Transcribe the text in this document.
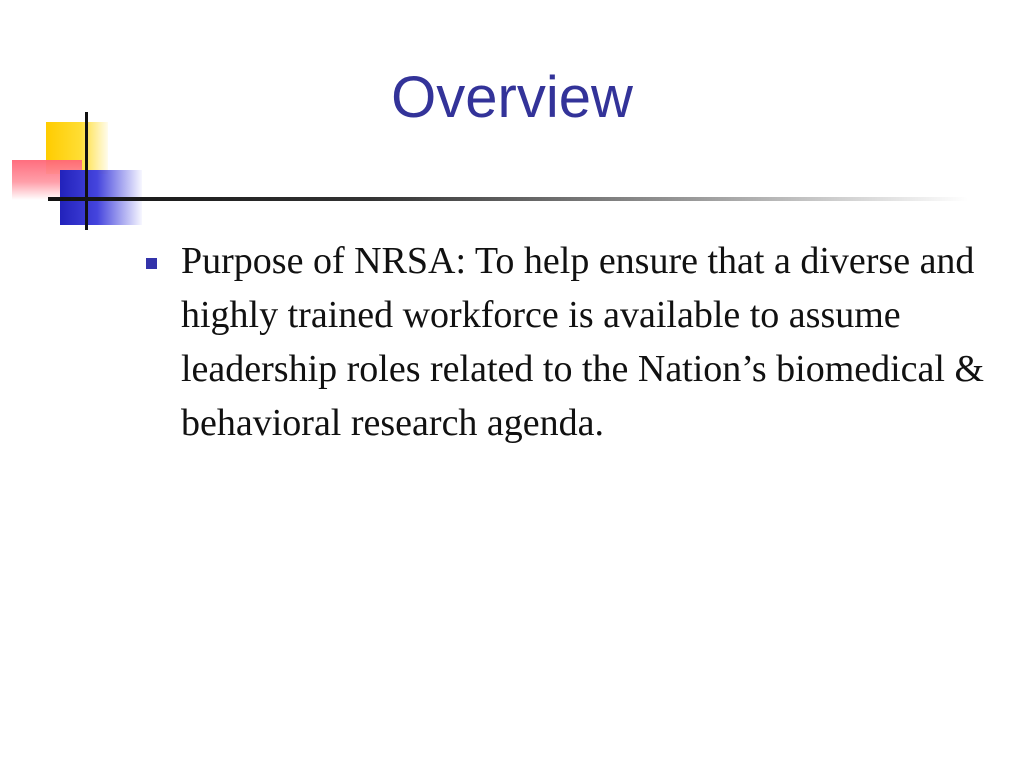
Overview
Purpose of NRSA: To help ensure that a diverse and highly trained workforce is available to assume leadership roles related to the Nation’s biomedical & behavioral research agenda.
